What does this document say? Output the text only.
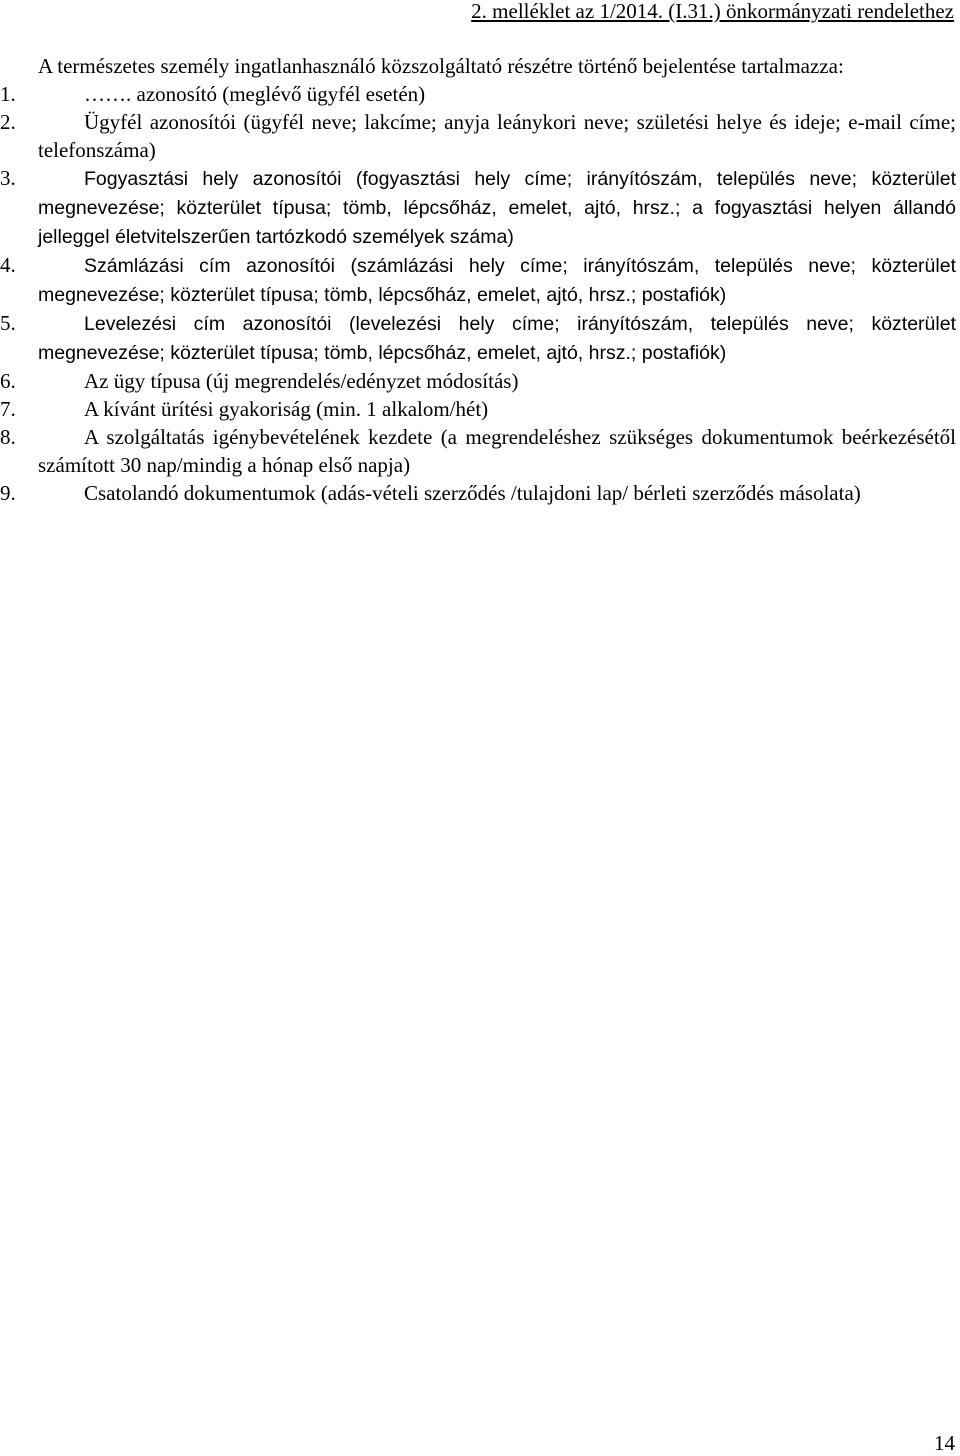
2. melléklet az 1/2014. (I.31.) önkormányzati rendelethez
A természetes személy ingatlanhasználó közszolgáltató részétre történő bejelentése tartalmazza:
1.	……. azonosító (meglévő ügyfél esetén)
2.	Ügyfél azonosítói (ügyfél neve; lakcíme; anyja leánykori neve; születési helye és ideje; e-mail címe; telefonszáma)
3.	Fogyasztási hely azonosítói (fogyasztási hely címe; irányítószám, település neve; közterület megnevezése; közterület típusa; tömb, lépcsőház, emelet, ajtó, hrsz.; a fogyasztási helyen állandó jelleggel életvitelszerűen tartózkodó személyek száma)
4.	Számlázási cím azonosítói (számlázási hely címe; irányítószám, település neve; közterület megnevezése; közterület típusa; tömb, lépcsőház, emelet, ajtó, hrsz.; postafiók)
5.	Levelezési cím azonosítói (levelezési hely címe; irányítószám, település neve; közterület megnevezése; közterület típusa; tömb, lépcsőház, emelet, ajtó, hrsz.; postafiók)
6.	Az ügy típusa (új megrendelés/edényzet módosítás)
7.	A kívánt ürítési gyakoriság (min. 1 alkalom/hét)
8.	A szolgáltatás igénybevételének kezdete (a megrendeléshez szükséges dokumentumok beérkezésétől számított 30 nap/mindig a hónap első napja)
9.	Csatolandó dokumentumok (adás-vételi szerződés /tulajdoni lap/ bérleti szerződés másolata)
14
